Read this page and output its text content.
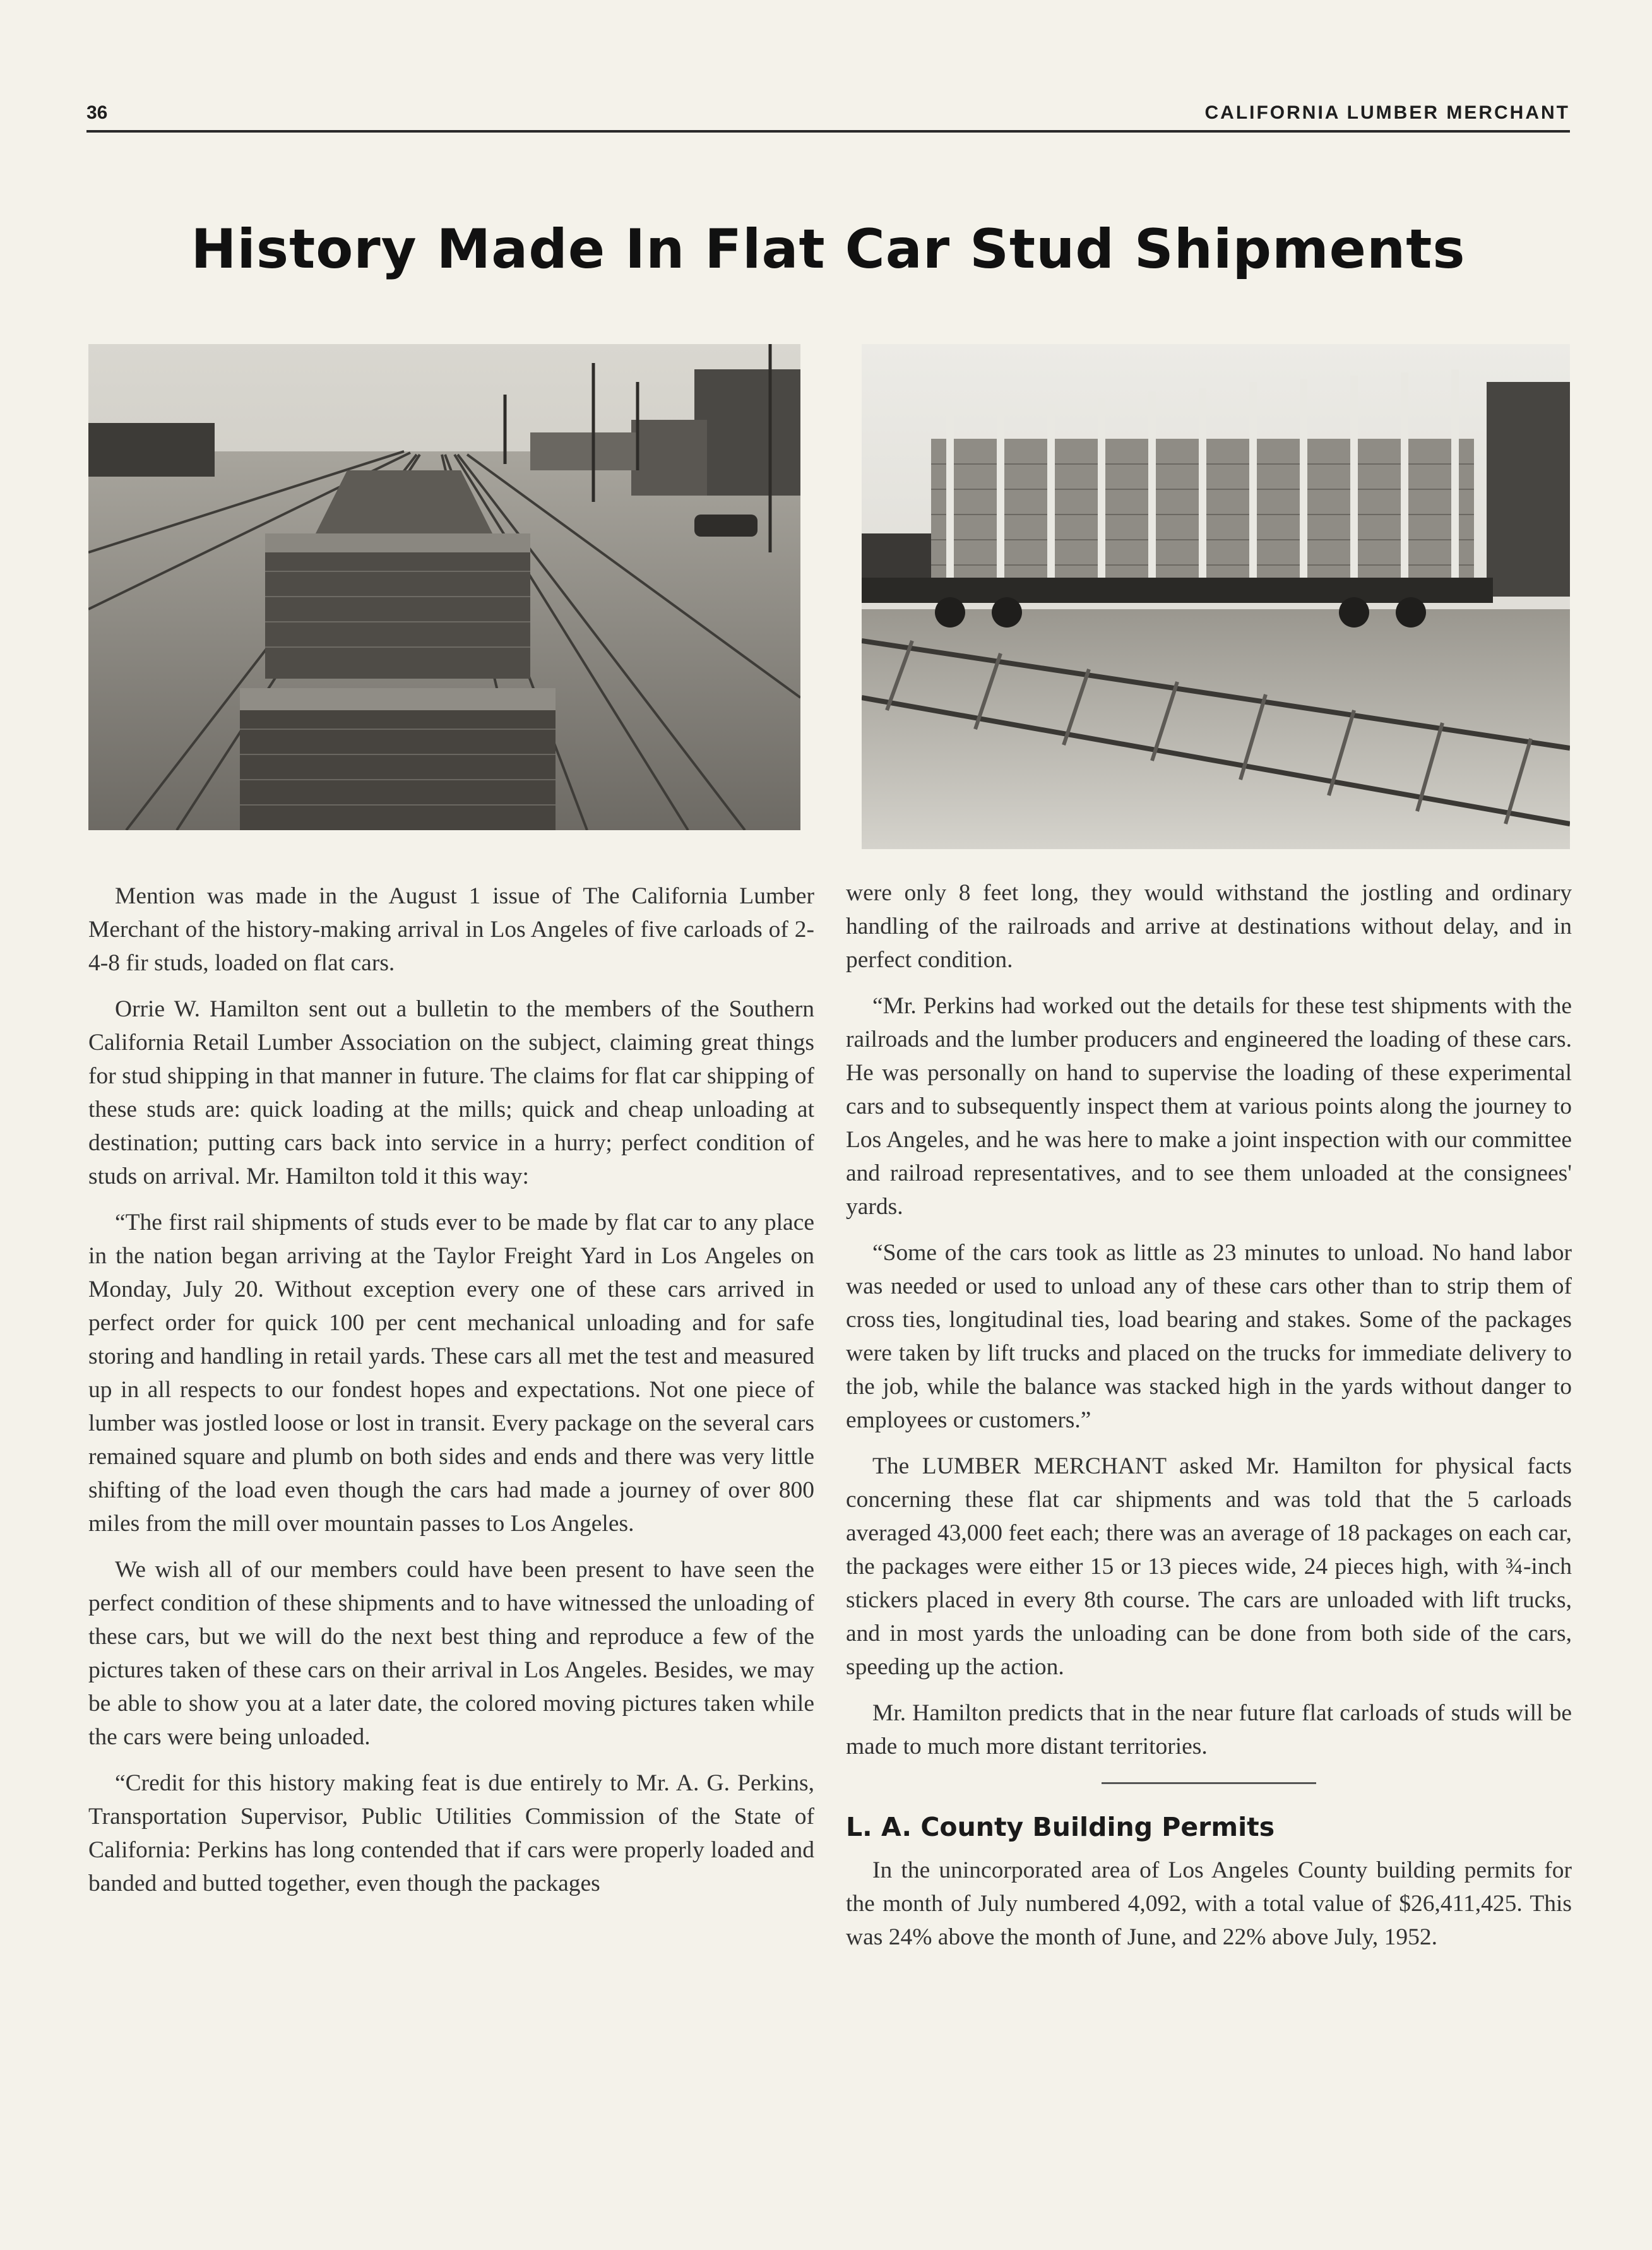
36	CALIFORNIA LUMBER MERCHANT
History Made In Flat Car Stud Shipments

Mention was made in the August 1 issue of The California Lumber Merchant of the history-making arrival in Los Angeles of five carloads of 2-4-8 fir studs, loaded on flat cars.

Orrie W. Hamilton sent out a bulletin to the members of the Southern California Retail Lumber Association on the subject, claiming great things for stud shipping in that manner in future. The claims for flat car shipping of these studs are: quick loading at the mills; quick and cheap unloading at destination; putting cars back into service in a hurry; perfect condition of studs on arrival. Mr. Hamilton told it this way:

“The first rail shipments of studs ever to be made by flat car to any place in the nation began arriving at the Taylor Freight Yard in Los Angeles on Monday, July 20. Without exception every one of these cars arrived in perfect order for quick 100 per cent mechanical unloading and for safe storing and handling in retail yards. These cars all met the test and measured up in all respects to our fondest hopes and expectations. Not one piece of lumber was jostled loose or lost in transit. Every package on the several cars remained square and plumb on both sides and ends and there was very little shifting of the load even though the cars had made a journey of over 800 miles from the mill over mountain passes to Los Angeles.

We wish all of our members could have been present to have seen the perfect condition of these shipments and to have witnessed the unloading of these cars, but we will do the next best thing and reproduce a few of the pictures taken of these cars on their arrival in Los Angeles. Besides, we may be able to show you at a later date, the colored moving pictures taken while the cars were being unloaded.

“Credit for this history making feat is due entirely to Mr. A. G. Perkins, Transportation Supervisor, Public Utilities Commission of the State of California: Perkins has long contended that if cars were properly loaded and banded and butted together, even though the packages

were only 8 feet long, they would withstand the jostling and ordinary handling of the railroads and arrive at destinations without delay, and in perfect condition.

“Mr. Perkins had worked out the details for these test shipments with the railroads and the lumber producers and engineered the loading of these cars. He was personally on hand to supervise the loading of these experimental cars and to subsequently inspect them at various points along the journey to Los Angeles, and he was here to make a joint inspection with our committee and railroad representatives, and to see them unloaded at the consignees' yards.

“Some of the cars took as little as 23 minutes to unload. No hand labor was needed or used to unload any of these cars other than to strip them of cross ties, longitudinal ties, load bearing and stakes. Some of the packages were taken by lift trucks and placed on the trucks for immediate delivery to the job, while the balance was stacked high in the yards without danger to employees or customers.”

The LUMBER MERCHANT asked Mr. Hamilton for physical facts concerning these flat car shipments and was told that the 5 carloads averaged 43,000 feet each; there was an average of 18 packages on each car, the packages were either 15 or 13 pieces wide, 24 pieces high, with ¾-inch stickers placed in every 8th course. The cars are unloaded with lift trucks, and in most yards the unloading can be done from both side of the cars, speeding up the action.

Mr. Hamilton predicts that in the near future flat carloads of studs will be made to much more distant territories.

L. A. County Building Permits

In the unincorporated area of Los Angeles County building permits for the month of July numbered 4,092, with a total value of $26,411,425. This was 24% above the month of June, and 22% above July, 1952.
